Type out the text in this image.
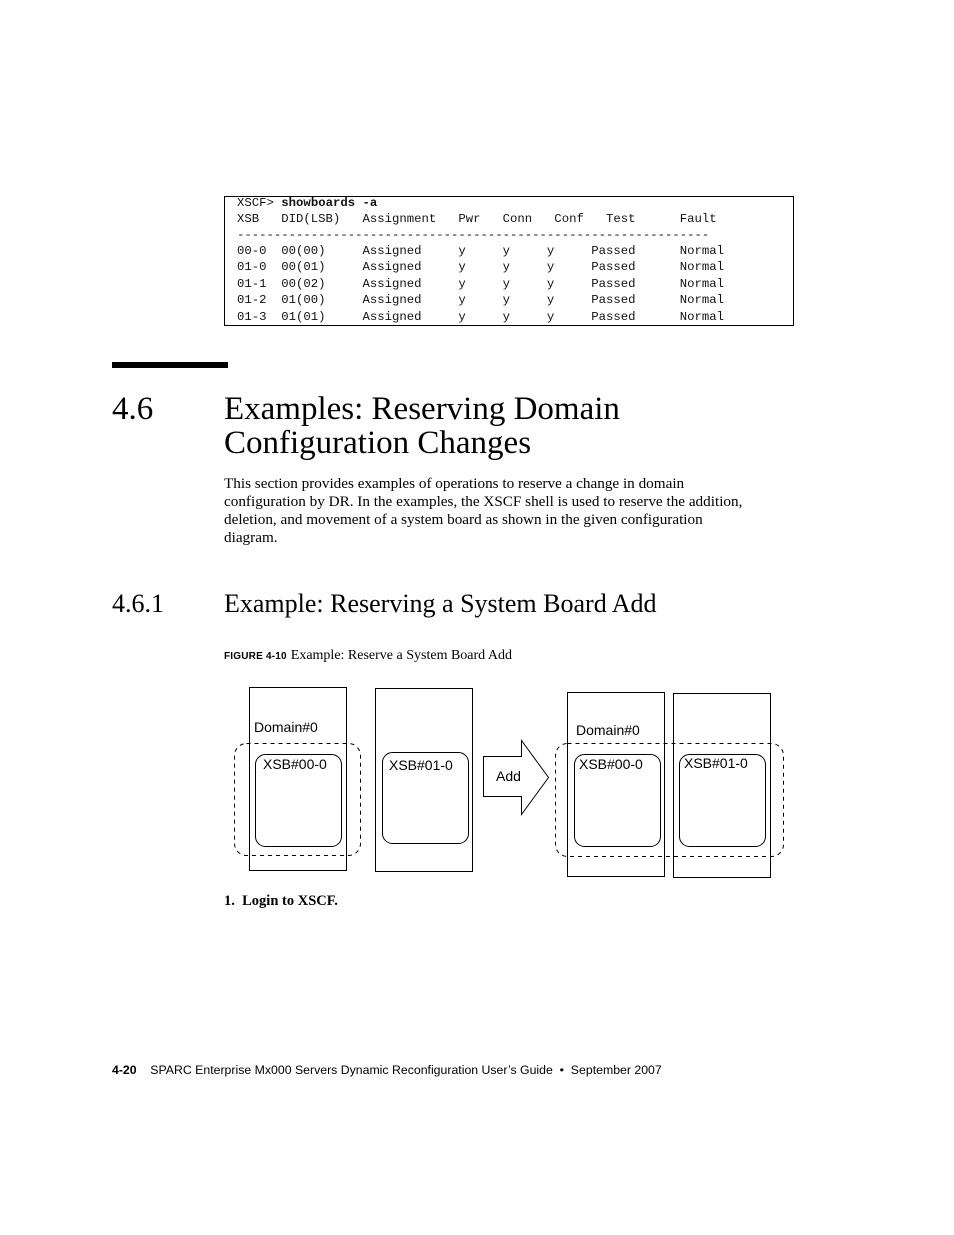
XSCF> showboards -a
XSB   DID(LSB)   Assignment   Pwr   Conn   Conf   Test      Fault
----------------------------------------------------------------
00-0  00(00)     Assigned     y     y     y     Passed      Normal
01-0  00(01)     Assigned     y     y     y     Passed      Normal
01-1  00(02)     Assigned     y     y     y     Passed      Normal
01-2  01(00)     Assigned     y     y     y     Passed      Normal
01-3  01(01)     Assigned     y     y     y     Passed      Normal
4.6 Examples: Reserving Domain
Configuration Changes
This section provides examples of operations to reserve a change in domain
configuration by DR. In the examples, the XSCF shell is used to reserve the addition,
deletion, and movement of a system board as shown in the given configuration
diagram.
4.6.1 Example: Reserving a System Board Add
FIGURE 4-10 Example: Reserve a System Board Add
Domain#0
XSB#00-0	XSB#01-0
Add
Domain#0
XSB#00-0	XSB#01-0
1.  Login to XSCF.
4-20 SPARC Enterprise Mx000 Servers Dynamic Reconfiguration User’s Guide  •  September 2007
